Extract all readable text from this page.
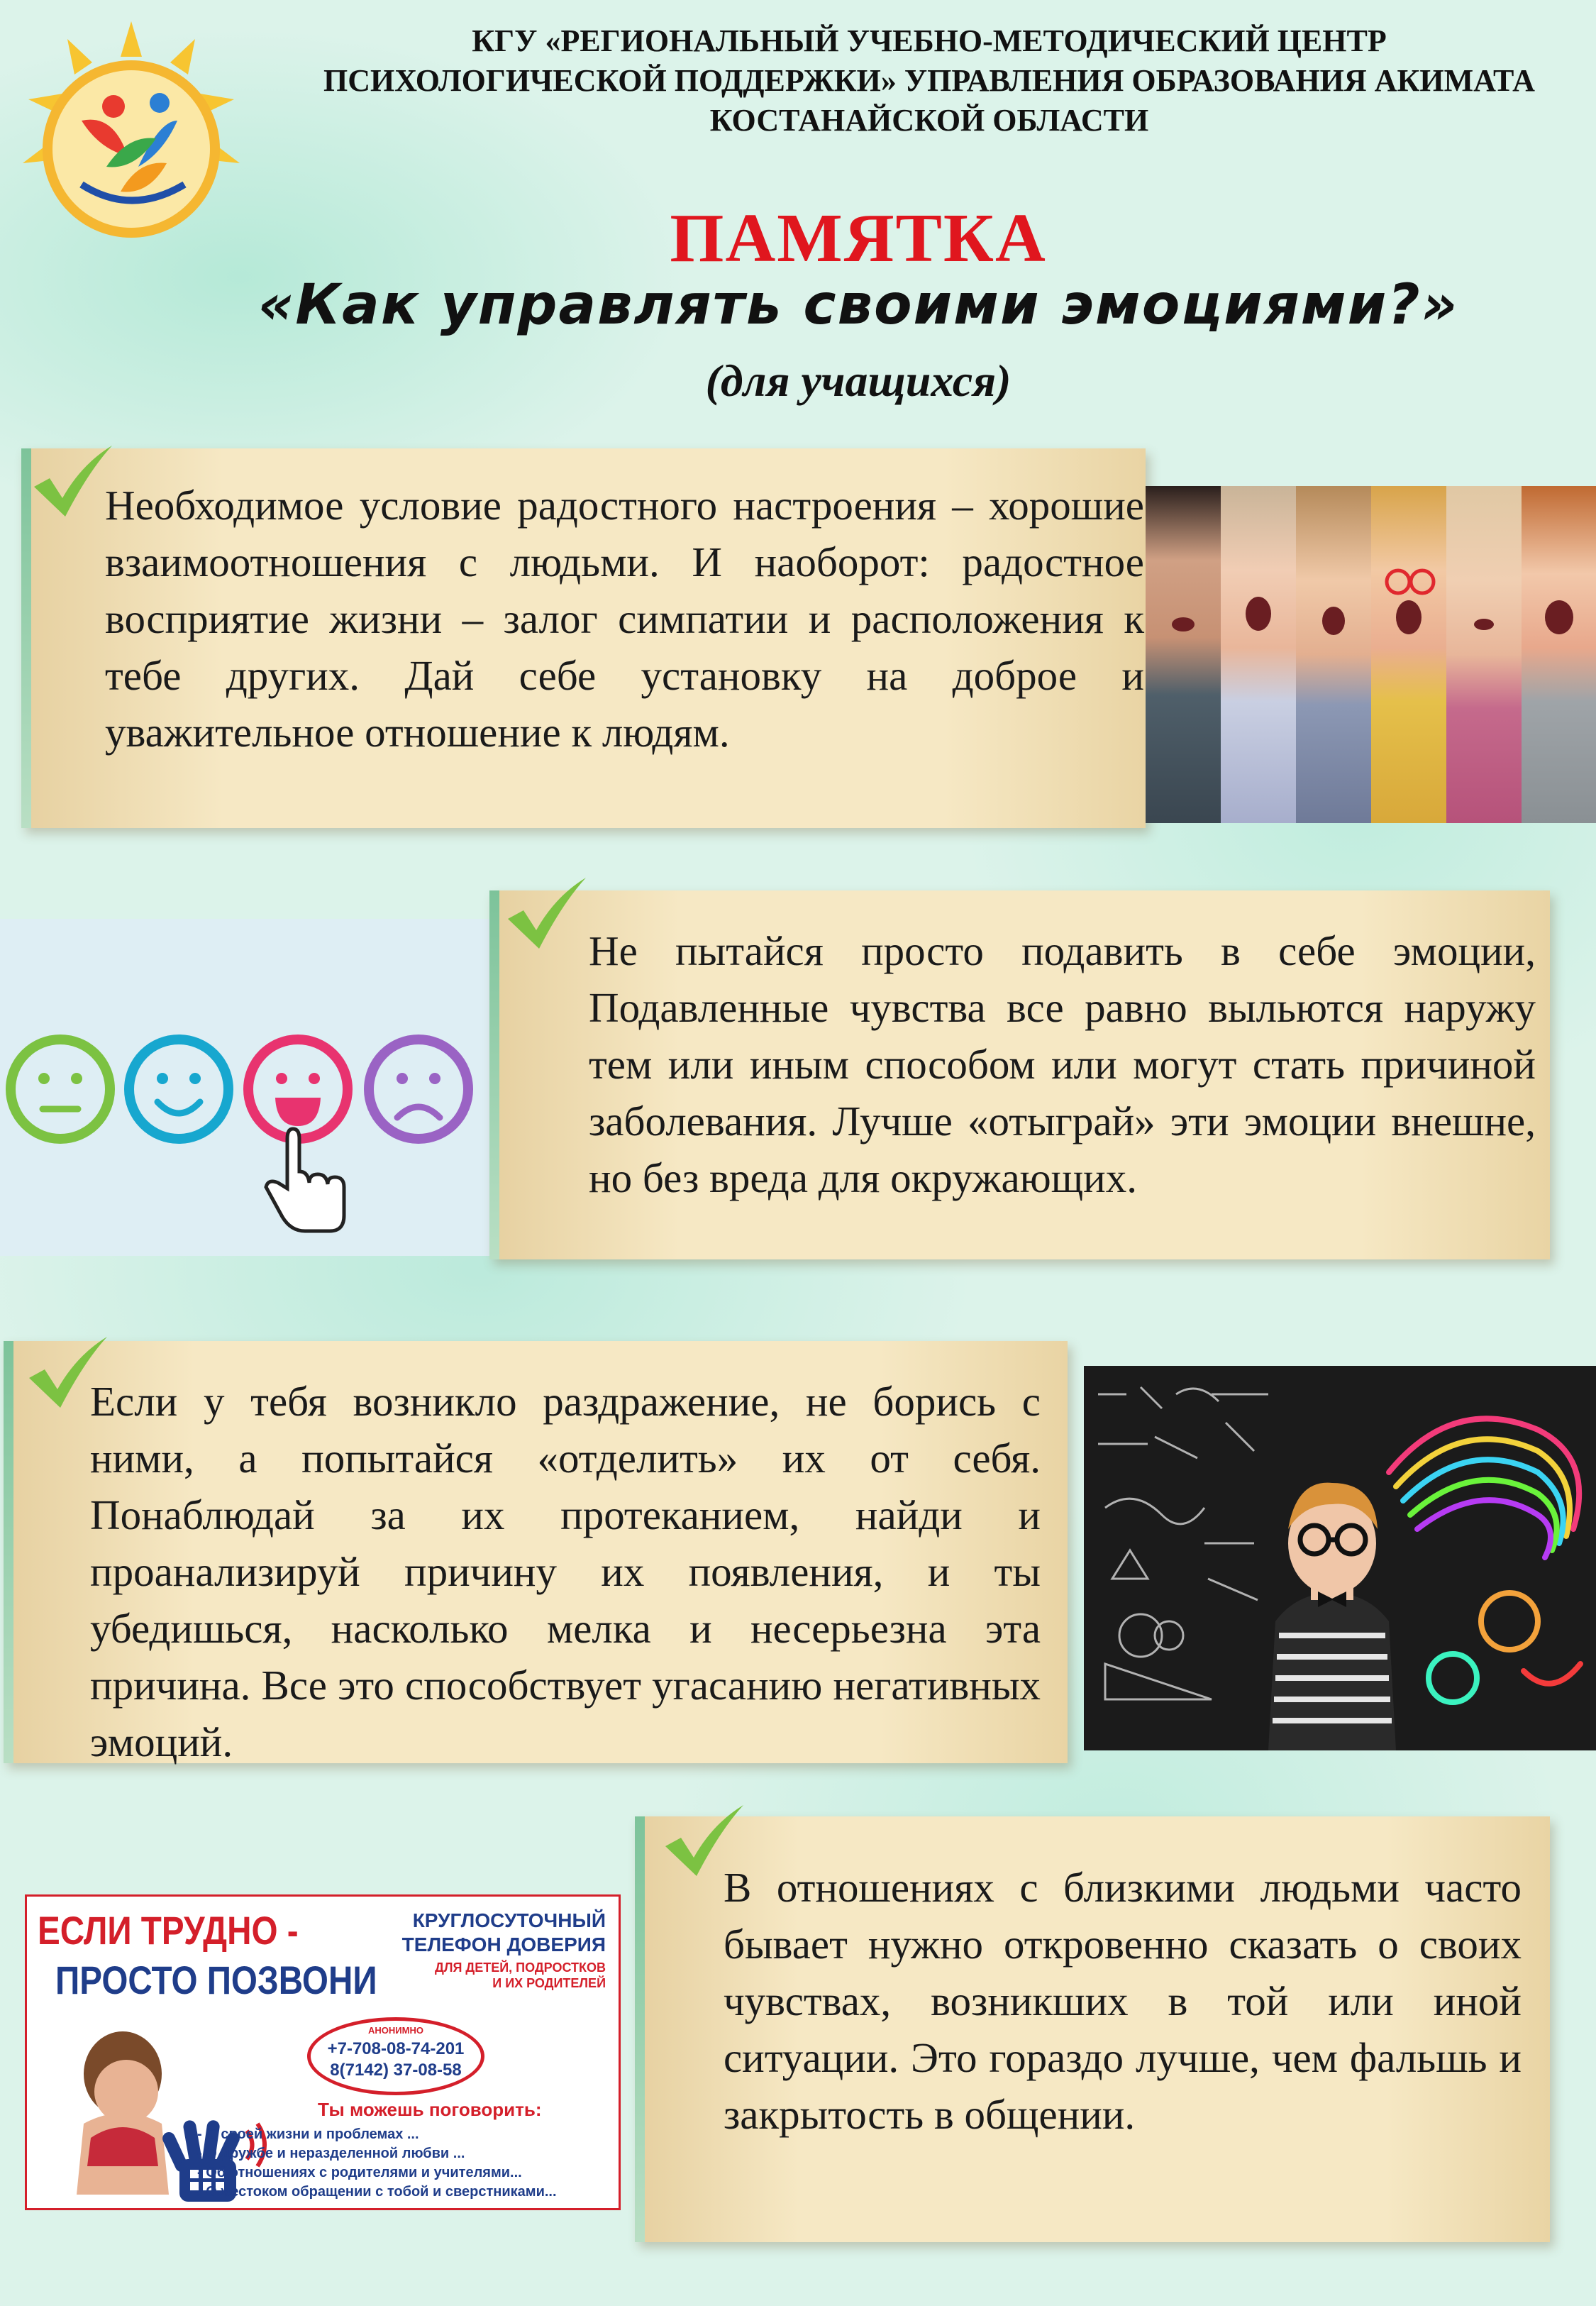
КГУ «РЕГИОНАЛЬНЫЙ УЧЕБНО-МЕТОДИЧЕСКИЙ ЦЕНТР
ПСИХОЛОГИЧЕСКОЙ ПОДДЕРЖКИ» УПРАВЛЕНИЯ ОБРАЗОВАНИЯ АКИМАТА
КОСТАНАЙСКОЙ ОБЛАСТИ
ПАМЯТКА
«Как управлять своими эмоциями?»
(для учащихся)

Необходимое условие радостного настроения – хорошие взаимоотношения с людьми. И наоборот: радостное восприятие жизни – залог симпатии и расположения к тебе других. Дай себе установку на доброе и уважительное отношение к людям.

Не пытайся просто подавить в себе эмоции, Подавленные чувства все равно выльются наружу тем или иным способом или могут стать причиной заболевания. Лучше «отыграй» эти эмоции внешне, но без вреда для окружающих.

Если у тебя возникло раздражение, не борись с ними, а попытайся «отделить» их от себя. Понаблюдай за их протеканием, найди и проанализируй причину их появления, и ты убедишься, насколько мелка и несерьезна эта причина. Все это способствует угасанию негативных эмоций.

ЕСЛИ ТРУДНО -
ПРОСТО ПОЗВОНИ
КРУГЛОСУТОЧНЫЙ
ТЕЛЕФОН ДОВЕРИЯ
ДЛЯ ДЕТЕЙ, ПОДРОСТКОВ
И ИХ РОДИТЕЛЕЙ
АНОНИМНО
+7-708-08-74-201
8(7142) 37-08-58
Ты можешь поговорить:
- О своей жизни и проблемах ...
- О дружбе и неразделенной любви ...
- Об отношениях с родителями и учителями...
- О жестоком обращении с тобой и сверстниками...

В отношениях с близкими людьми часто бывает нужно откровенно сказать о своих чувствах, возникших в той или иной ситуации. Это гораздо лучше, чем фальшь и закрытость в общении.
